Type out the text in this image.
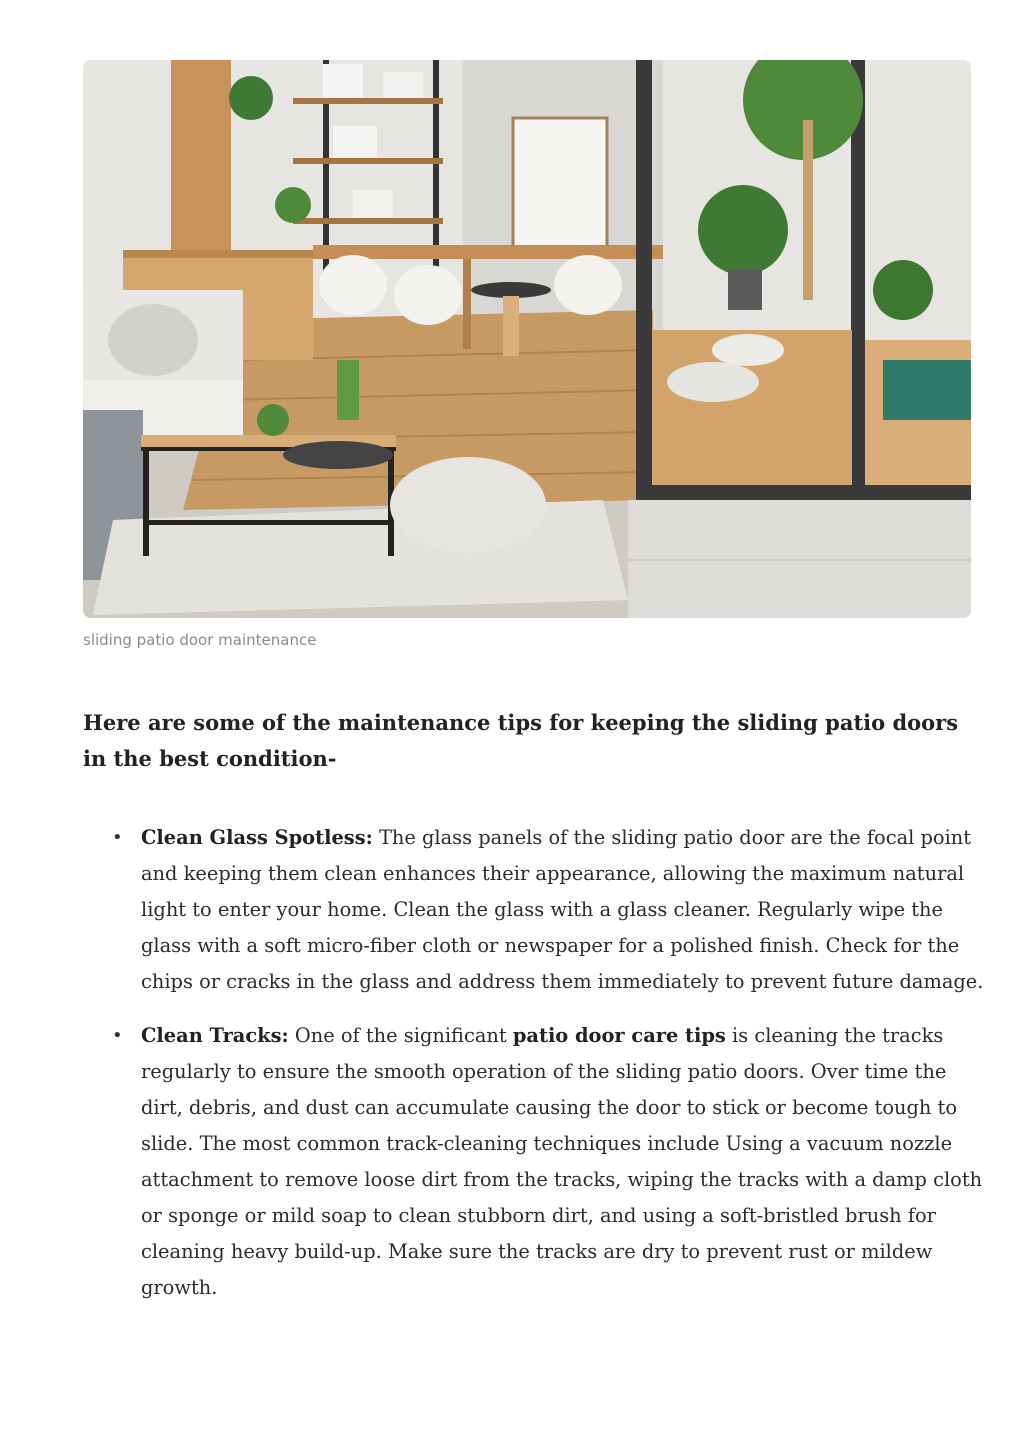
sliding patio door maintenance
Here are some of the maintenance tips for keeping the sliding patio doors in the best condition-
• Clean Glass Spotless: The glass panels of the sliding patio door are the focal point and keeping them clean enhances their appearance, allowing the maximum natural light to enter your home. Clean the glass with a glass cleaner. Regularly wipe the glass with a soft micro-fiber cloth or newspaper for a polished finish. Check for the chips or cracks in the glass and address them immediately to prevent future damage.
• Clean Tracks: One of the significant patio door care tips is cleaning the tracks regularly to ensure the smooth operation of the sliding patio doors. Over time the dirt, debris, and dust can accumulate causing the door to stick or become tough to slide. The most common track-cleaning techniques include Using a vacuum nozzle attachment to remove loose dirt from the tracks, wiping the tracks with a damp cloth or sponge or mild soap to clean stubborn dirt, and using a soft-bristled brush for cleaning heavy build-up. Make sure the tracks are dry to prevent rust or mildew growth.
